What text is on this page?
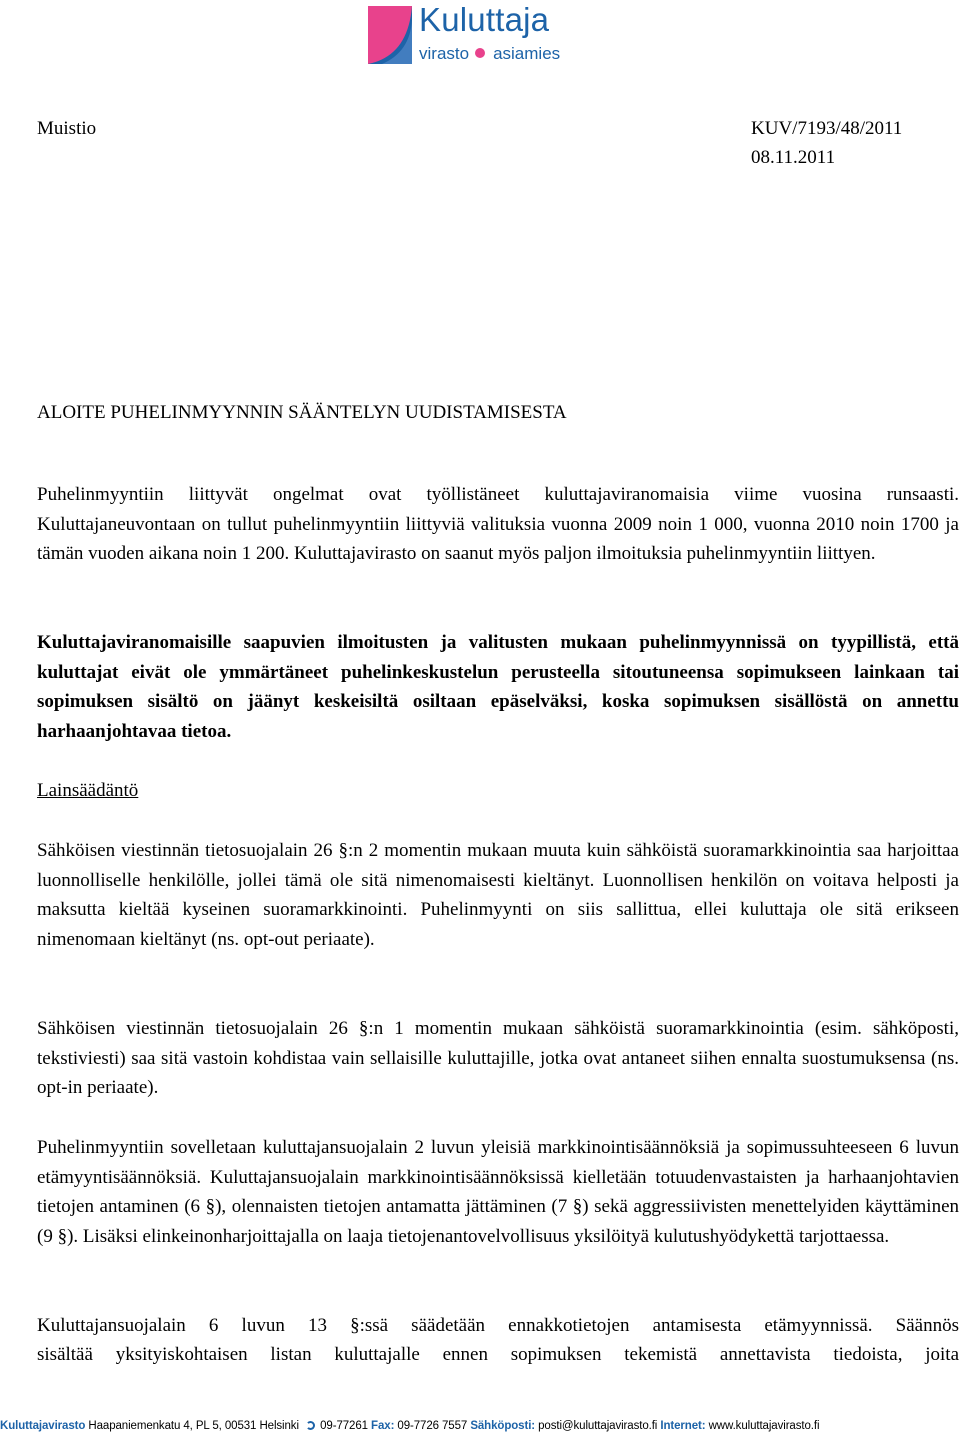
Kuluttaja
virasto asiamies
Muistio	KUV/7193/48/2011
08.11.2011
ALOITE PUHELINMYYNNIN SÄÄNTELYN UUDISTAMISESTA
Puhelinmyyntiin liittyvät ongelmat ovat työllistäneet kuluttajaviranomaisia viime vuosina runsaasti. Kuluttajaneuvontaan on tullut puhelinmyyntiin liittyviä valituksia vuonna 2009 noin 1 000, vuonna 2010 noin 1700 ja tämän vuoden aikana noin 1 200. Kuluttajavirasto on saanut myös paljon ilmoituksia puhelinmyyntiin liittyen.
Kuluttajaviranomaisille saapuvien ilmoitusten ja valitusten mukaan puhelinmyynnissä on tyypillistä, että kuluttajat eivät ole ymmärtäneet puhelinkeskustelun perusteella sitoutuneensa sopimukseen lainkaan tai sopimuksen sisältö on jäänyt keskeisiltä osiltaan epäselväksi, koska sopimuksen sisällöstä on annettu harhaanjohtavaa tietoa.
Lainsäädäntö
Sähköisen viestinnän tietosuojalain 26 §:n 2 momentin mukaan muuta kuin sähköistä suoramarkkinointia saa harjoittaa luonnolliselle henkilölle, jollei tämä ole sitä nimenomaisesti kieltänyt. Luonnollisen henkilön on voitava helposti ja maksutta kieltää kyseinen suoramarkkinointi. Puhelinmyynti on siis sallittua, ellei kuluttaja ole sitä erikseen nimenomaan kieltänyt (ns. opt-out periaate).
Sähköisen viestinnän tietosuojalain 26 §:n 1 momentin mukaan sähköistä suoramarkkinointia (esim. sähköposti, tekstiviesti) saa sitä vastoin kohdistaa vain sellaisille kuluttajille, jotka ovat antaneet siihen ennalta suostumuksensa (ns. opt-in periaate).
Puhelinmyyntiin sovelletaan kuluttajansuojalain 2 luvun yleisiä markkinointisäännöksiä ja sopimussuhteeseen 6 luvun etämyyntisäännöksiä. Kuluttajansuojalain markkinointisäännöksissä kielletään totuudenvastaisten ja harhaanjohtavien tietojen antaminen (6 §), olennaisten tietojen antamatta jättäminen (7 §) sekä aggressiivisten menettelyiden käyttäminen (9 §). Lisäksi elinkeinonharjoittajalla on laaja tietojenantovelvollisuus yksilöityä kulutushyödykettä tarjottaessa.
Kuluttajansuojalain 6 luvun 13 §:ssä säädetään ennakkotietojen antamisesta etämyynnissä. Säännös
sisältää yksityiskohtaisen listan kuluttajalle ennen sopimuksen tekemistä annettavista tiedoista, joita
Kuluttajavirasto Haapaniemenkatu 4, PL 5, 00531 Helsinki 09-77261 Fax: 09-7726 7557 Sähköposti: posti@kuluttajavirasto.fi Internet: www.kuluttajavirasto.fi
